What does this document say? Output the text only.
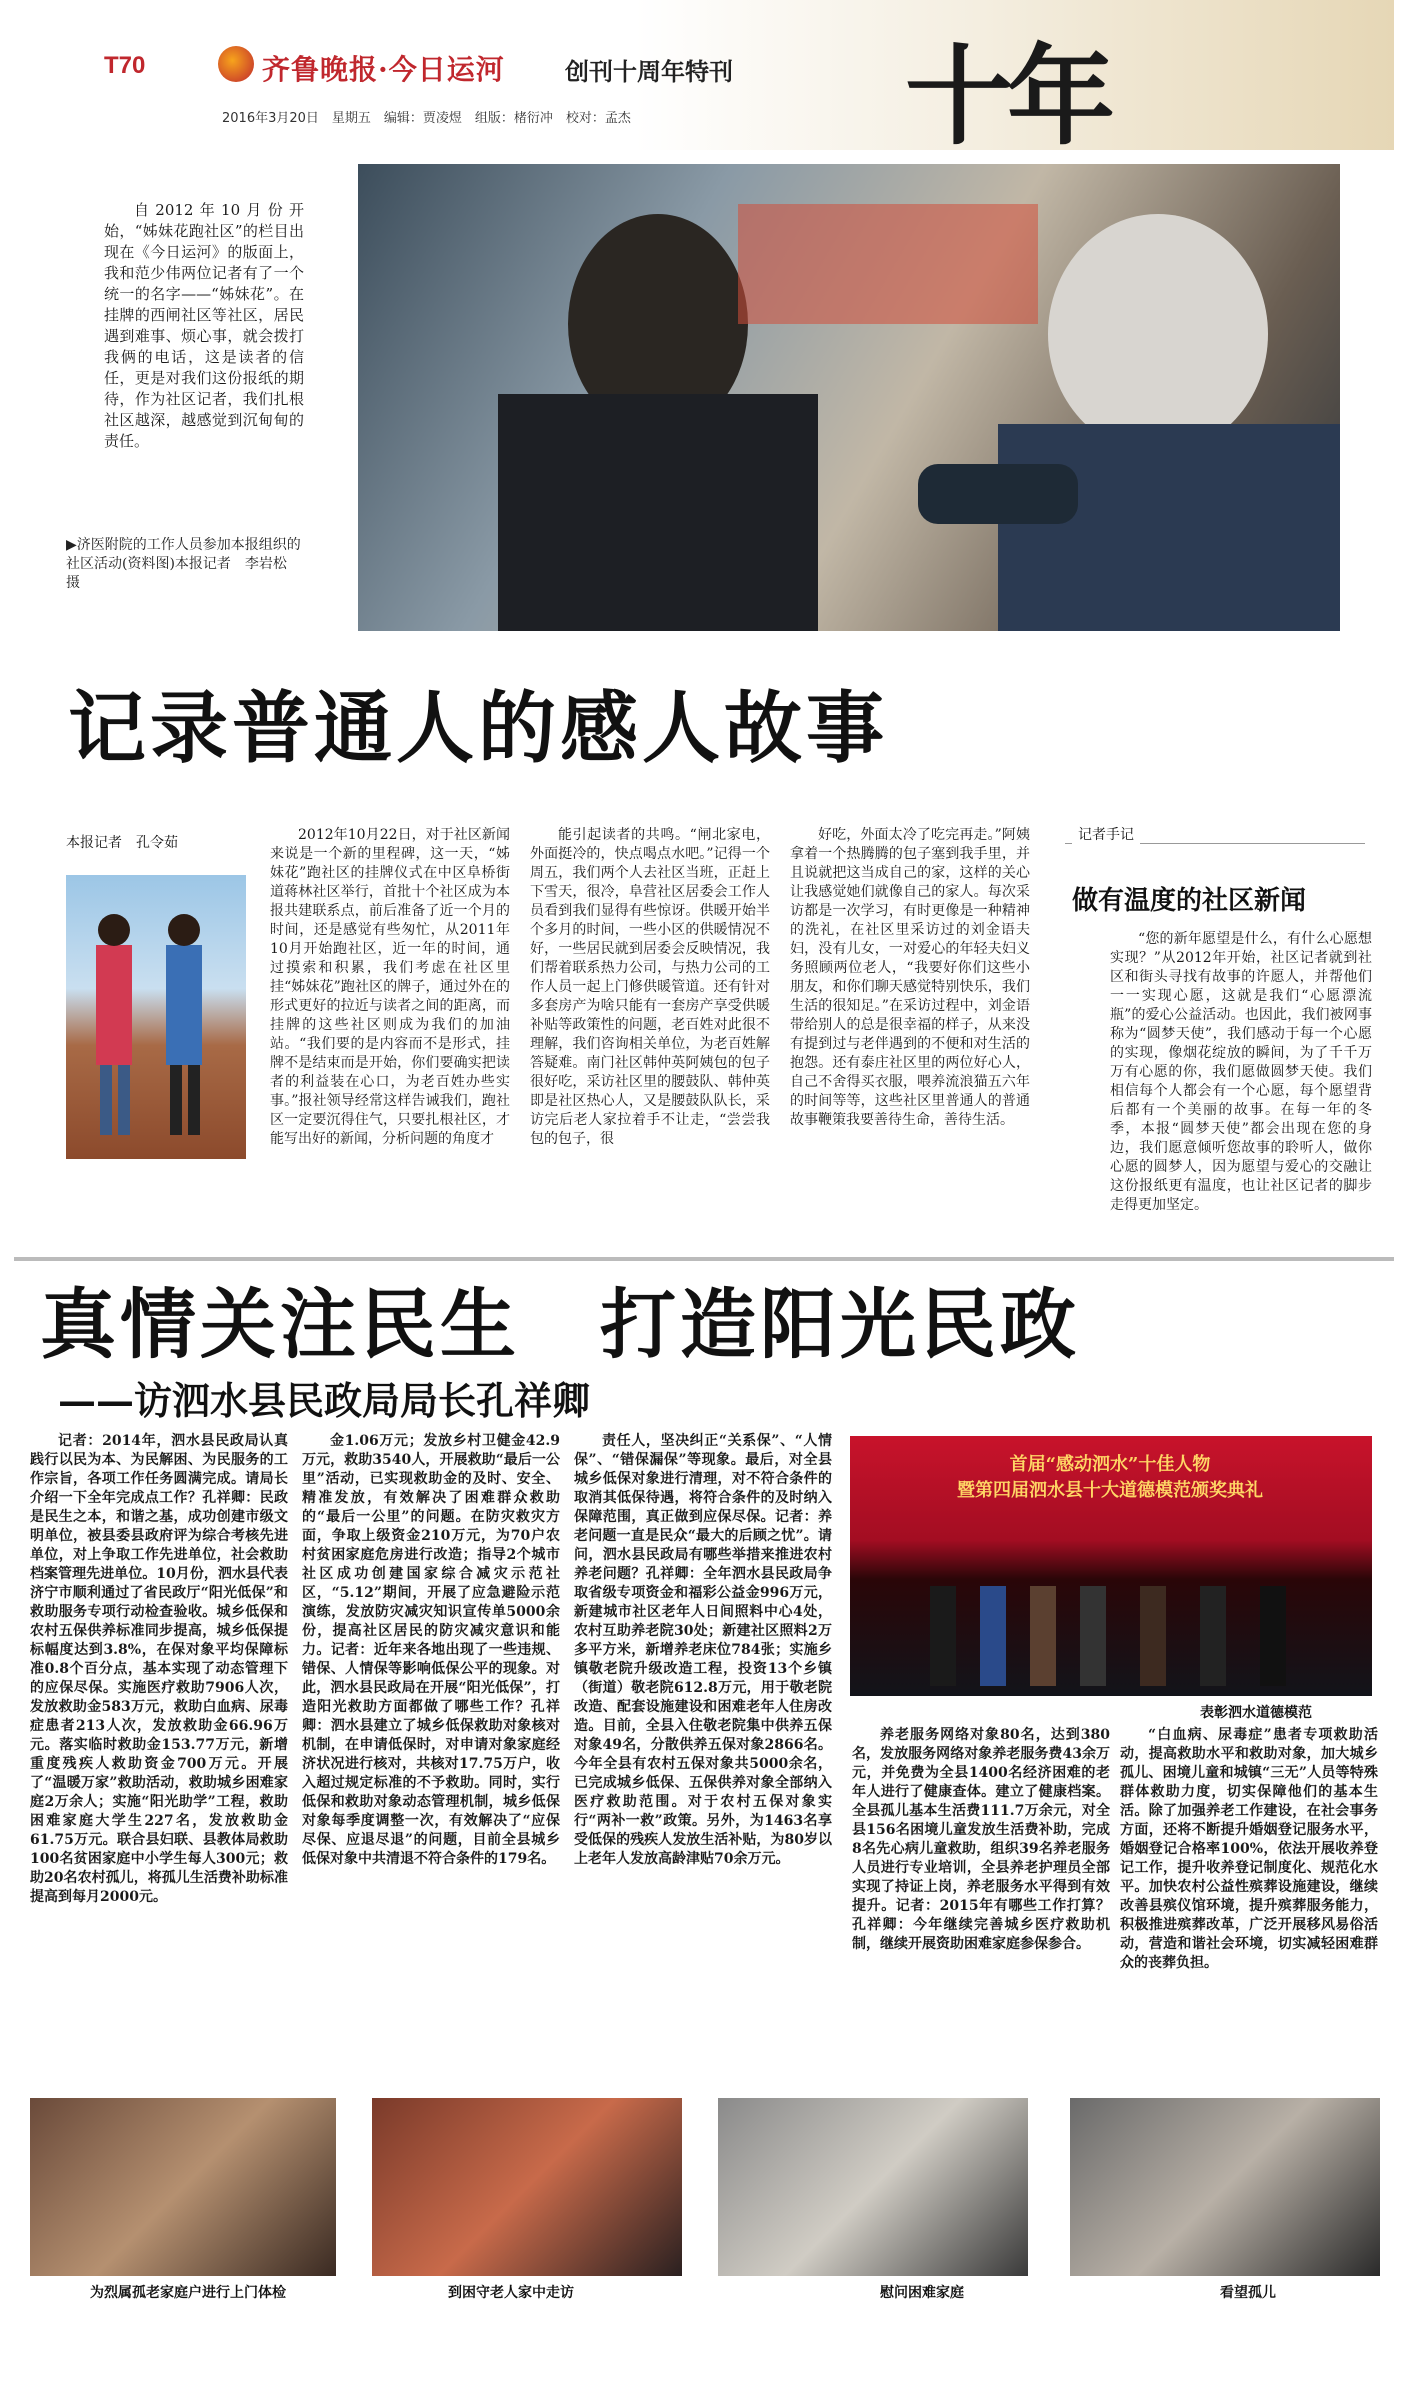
T70	齐鲁晚报·今日运河	创刊十周年特刊
2016年3月20日　星期五　编辑：贾凌煜　组版：楮衍冲　校对：孟杰	十年

自2012年10月份开始，“姊妹花跑社区”的栏目出现在《今日运河》的版面上，我和范少伟两位记者有了一个统一的名字——“姊妹花”。在挂牌的西闸社区等社区，居民遇到难事、烦心事，就会拨打我俩的电话，这是读者的信任，更是对我们这份报纸的期待，作为社区记者，我们扎根社区越深，越感觉到沉甸甸的责任。

▶济医附院的工作人员参加本报组织的社区活动(资料图)本报记者　李岩松　摄
记录普通人的感人故事
本报记者　孔令茹	2012年10月22日，对于社区新闻来说是一个新的里程碑，这一天，“姊妹花”跑社区的挂牌仪式在中区阜桥街道蒋林社区举行，首批十个社区成为本报共建联系点，前后准备了近一个月的时间，还是感觉有些匆忙，从2011年10月开始跑社区，近一年的时间，通过摸索和积累，我们考虑在社区里挂“姊妹花”跑社区的牌子，通过外在的形式更好的拉近与读者之间的距离，而挂牌的这些社区则成为我们的加油站。“我们要的是内容而不是形式，挂牌不是结束而是开始，你们要确实把读者的利益装在心口，为老百姓办些实事。”报社领导经常这样告诫我们，跑社区一定要沉得住气，只要扎根社区，才能写出好的新闻，分析问题的角度才

能引起读者的共鸣。“闸北家电，外面挺冷的，快点喝点水吧。”记得一个周五，我们两个人去社区当班，正赶上下雪天，很冷，阜营社区居委会工作人员看到我们显得有些惊讶。供暖开始半个多月的时间，一些小区的供暖情况不好，一些居民就到居委会反映情况，我们帮着联系热力公司，与热力公司的工作人员一起上门修供暖管道。还有针对多套房产为啥只能有一套房产享受供暖补贴等政策性的问题，老百姓对此很不理解，我们咨询相关单位，为老百姓解答疑难。南门社区韩仲英阿姨包的包子很好吃，采访社区里的腰鼓队、韩仲英即是社区热心人，又是腰鼓队队长，采访完后老人家拉着手不让走，“尝尝我包的包子，很

好吃，外面太冷了吃完再走。”阿姨拿着一个热腾腾的包子塞到我手里，并且说就把这当成自己的家，这样的关心让我感觉她们就像自己的家人。每次采访都是一次学习，有时更像是一种精神的洗礼，在社区里采访过的刘金语夫妇，没有儿女，一对爱心的年轻夫妇义务照顾两位老人，“我要好你们这些小朋友，和你们聊天感觉特别快乐，我们生活的很知足。”在采访过程中，刘金语带给别人的总是很幸福的样子，从来没有提到过与老伴遇到的不便和对生活的抱怨。还有泰庄社区里的两位好心人，自己不舍得买衣服，喂养流浪猫五六年的时间等等，这些社区里普通人的普通故事鞭策我要善待生命，善待生活。

记者手记
做有温度的社区新闻

“您的新年愿望是什么，有什么心愿想实现？”从2012年开始，社区记者就到社区和街头寻找有故事的许愿人，并帮他们一一实现心愿，这就是我们“心愿漂流瓶”的爱心公益活动。也因此，我们被网事称为“圆梦天使”，我们感动于每一个心愿的实现，像烟花绽放的瞬间，为了千千万万有心愿的你，我们愿做圆梦天使。我们相信每个人都会有一个心愿，每个愿望背后都有一个美丽的故事。在每一年的冬季，本报“圆梦天使”都会出现在您的身边，我们愿意倾听您故事的聆听人，做你心愿的圆梦人，因为愿望与爱心的交融让这份报纸更有温度，也让社区记者的脚步走得更加坚定。

真情关注民生　打造阳光民政
——访泗水县民政局局长孔祥卿

记者：2014年，泗水县民政局认真践行以民为本、为民解困、为民服务的工作宗旨，各项工作任务圆满完成。请局长介绍一下全年完成点工作？孔祥卿：民政是民生之本，和谐之基，成功创建市级文明单位，被县委县政府评为综合考核先进单位，对上争取工作先进单位，社会救助档案管理先进单位。10月份，泗水县代表济宁市顺利通过了省民政厅“阳光低保”和救助服务专项行动检查验收。城乡低保和农村五保供养标准同步提高，城乡低保提标幅度达到3.8%，在保对象平均保障标准0.8个百分点，基本实现了动态管理下的应保尽保。实施医疗救助7906人次，发放救助金583万元，救助白血病、尿毒症患者213人次，发放救助金66.96万元。落实临时救助金153.77万元，新增重度残疾人救助资金700万元。开展了“温暖万家”救助活动，救助城乡困难家庭2万余人；实施“阳光助学”工程，救助困难家庭大学生227名，发放救助金61.75万元。联合县妇联、县教体局救助100名贫困家庭中小学生每人300元；救助20名农村孤儿，将孤儿生活费补助标准提高到每月2000元。

金1.06万元；发放乡村卫健金42.9万元，救助3540人，开展救助“最后一公里”活动，已实现救助金的及时、安全、精准发放，有效解决了困难群众救助的“最后一公里”的问题。在防灾救灾方面，争取上级资金210万元，为70户农村贫困家庭危房进行改造；指导2个城市社区成功创建国家综合减灾示范社区，“5.12”期间，开展了应急避险示范演练，发放防灾减灾知识宣传单5000余份，提高社区居民的防灾减灾意识和能力。记者：近年来各地出现了一些违规、错保、人情保等影响低保公平的现象。对此，泗水县民政局在开展“阳光低保”，打造阳光救助方面都做了哪些工作？孔祥卿：泗水县建立了城乡低保救助对象核对机制，在申请低保时，对申请对象家庭经济状况进行核对，共核对17.75万户，收入超过规定标准的不予救助。同时，实行低保和救助对象动态管理机制，城乡低保对象每季度调整一次，有效解决了“应保尽保、应退尽退”的问题，目前全县城乡低保对象中共清退不符合条件的179名。

责任人，坚决纠正“关系保”、“人情保”、“错保漏保”等现象。最后，对全县城乡低保对象进行清理，对不符合条件的取消其低保待遇，将符合条件的及时纳入保障范围，真正做到应保尽保。记者：养老问题一直是民众“最大的后顾之忧”。请问，泗水县民政局有哪些举措来推进农村养老问题？孔祥卿：全年泗水县民政局争取省级专项资金和福彩公益金996万元，新建城市社区老年人日间照料中心4处，农村互助养老院30处；新建社区照料2万多平方米，新增养老床位784张；实施乡镇敬老院升级改造工程，投资13个乡镇（街道）敬老院612.8万元，用于敬老院改造、配套设施建设和困难老年人住房改造。目前，全县入住敬老院集中供养五保对象49名，分散供养五保对象2866名。今年全县有农村五保对象共5000余名，已完成城乡低保、五保供养对象全部纳入医疗救助范围。对于农村五保对象实行“两补一救”政策。另外，为1463名享受低保的残疾人发放生活补贴，为80岁以上老年人发放高龄津贴70余万元。

首届“感动泗水”十佳人物
暨第四届泗水县十大道德模范颁奖典礼
表彰泗水道德模范

养老服务网络对象80名，达到380名，发放服务网络对象养老服务费43余万元，并免费为全县1400名经济困难的老年人进行了健康查体。建立了健康档案。全县孤儿基本生活费111.7万余元，对全县156名困境儿童发放生活费补助，完成8名先心病儿童救助，组织39名养老服务人员进行专业培训，全县养老护理员全部实现了持证上岗，养老服务水平得到有效提升。记者：2015年有哪些工作打算？孔祥卿：今年继续完善城乡医疗救助机制，继续开展资助困难家庭参保参合。

“白血病、尿毒症”患者专项救助活动，提高救助水平和救助对象，加大城乡孤儿、困境儿童和城镇“三无”人员等特殊群体救助力度，切实保障他们的基本生活。除了加强养老工作建设，在社会事务方面，还将不断提升婚姻登记服务水平，婚姻登记合格率100%，依法开展收养登记工作，提升收养登记制度化、规范化水平。加快农村公益性殡葬设施建设，继续改善县殡仪馆环境，提升殡葬服务能力，积极推进殡葬改革，广泛开展移风易俗活动，营造和谐社会环境，切实减轻困难群众的丧葬负担。

为烈属孤老家庭户进行上门体检	到困守老人家中走访	慰问困难家庭	看望孤儿
